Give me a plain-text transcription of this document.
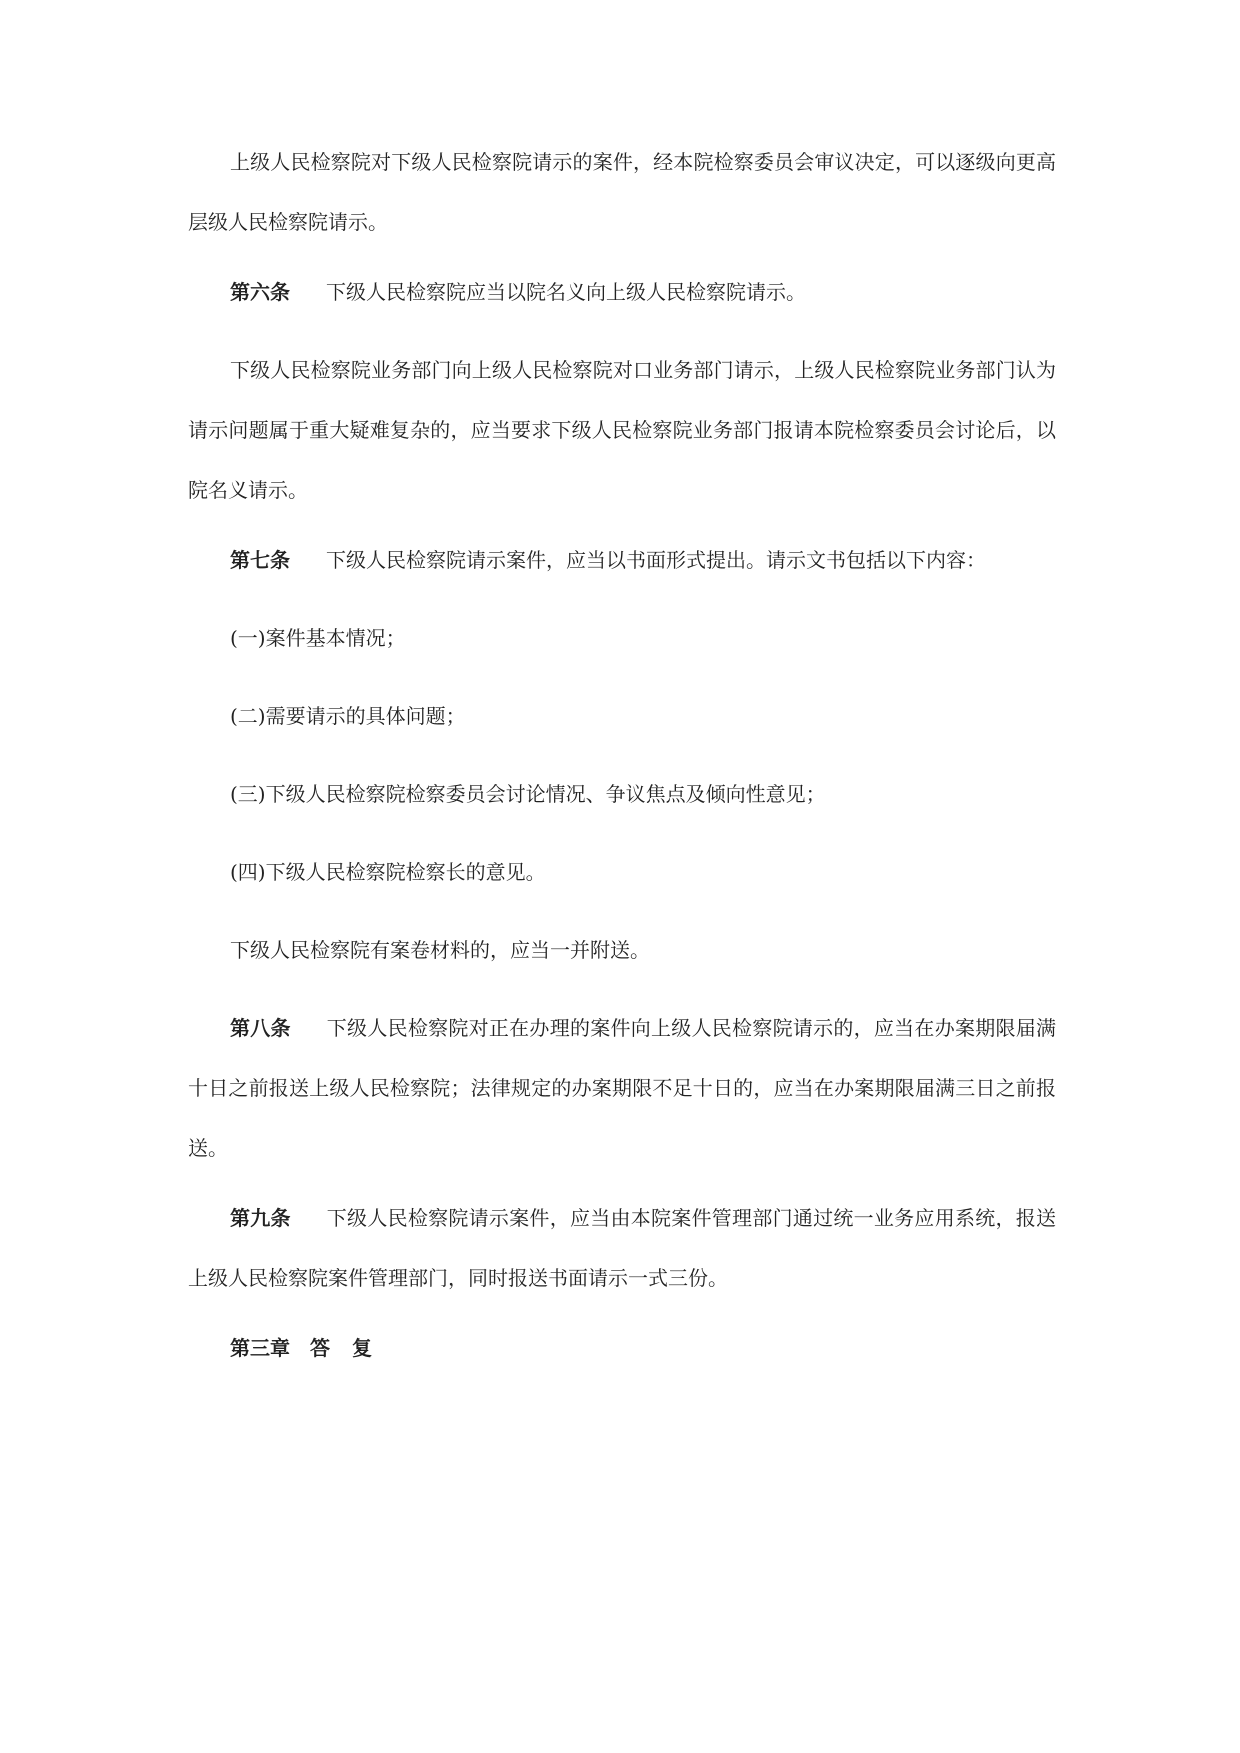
上级人民检察院对下级人民检察院请示的案件，经本院检察委员会审议决定，可以逐级向更高层级人民检察院请示。

第六条 下级人民检察院应当以院名义向上级人民检察院请示。

下级人民检察院业务部门向上级人民检察院对口业务部门请示，上级人民检察院业务部门认为请示问题属于重大疑难复杂的，应当要求下级人民检察院业务部门报请本院检察委员会讨论后，以院名义请示。

第七条 下级人民检察院请示案件，应当以书面形式提出。请示文书包括以下内容：

(一)案件基本情况；

(二)需要请示的具体问题；

(三)下级人民检察院检察委员会讨论情况、争议焦点及倾向性意见；

(四)下级人民检察院检察长的意见。

下级人民检察院有案卷材料的，应当一并附送。

第八条 下级人民检察院对正在办理的案件向上级人民检察院请示的，应当在办案期限届满十日之前报送上级人民检察院；法律规定的办案期限不足十日的，应当在办案期限届满三日之前报送。

第九条 下级人民检察院请示案件，应当由本院案件管理部门通过统一业务应用系统，报送上级人民检察院案件管理部门，同时报送书面请示一式三份。

第三章 答 复
